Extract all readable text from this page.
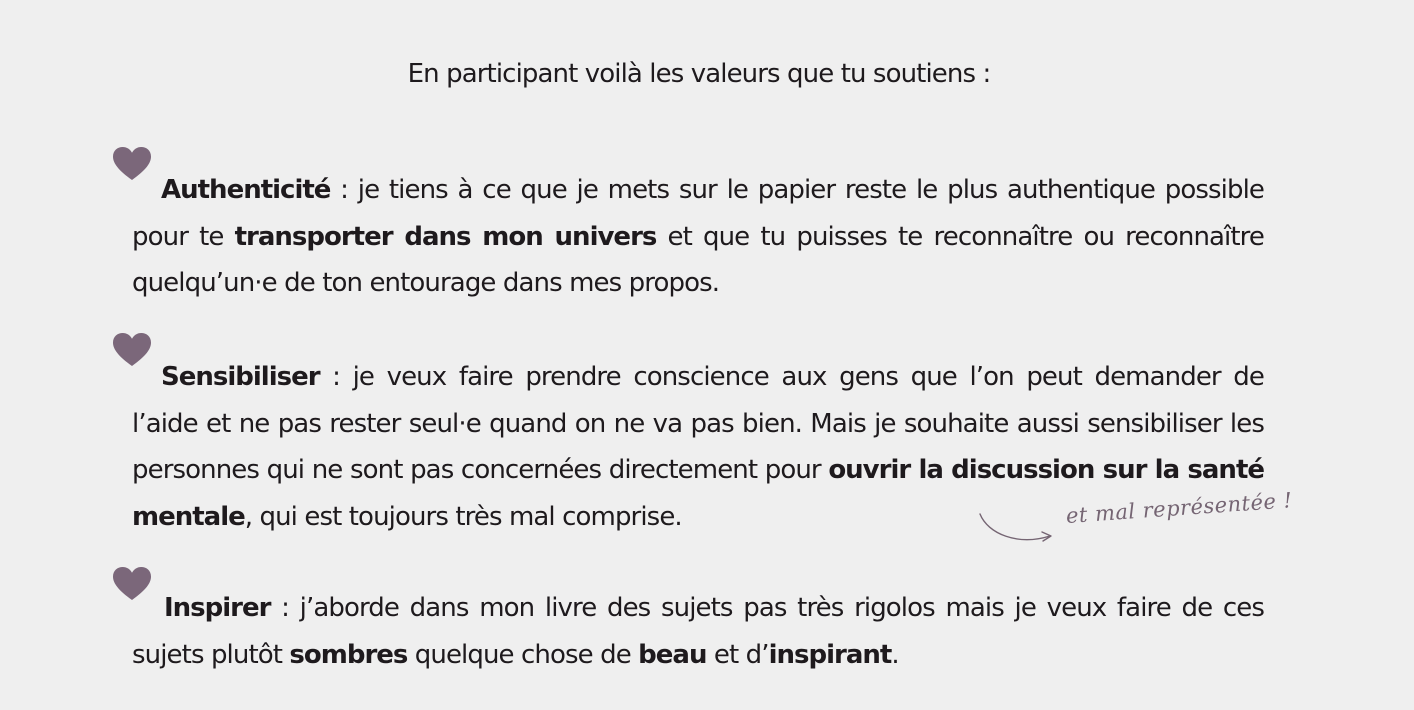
En participant voilà les valeurs que tu soutiens :

Authenticité : je tiens à ce que je mets sur le papier reste le plus authentique possible pour te transporter dans mon univers et que tu puisses te reconnaître ou reconnaître quelqu’un·e de ton entourage dans mes propos.

Sensibiliser : je veux faire prendre conscience aux gens que l’on peut demander de l’aide et ne pas rester seul·e quand on ne va pas bien. Mais je souhaite aussi sensibiliser les personnes qui ne sont pas concernées directement pour ouvrir la discussion sur la santé mentale, qui est toujours très mal comprise.	et mal représentée !

Inspirer : j’aborde dans mon livre des sujets pas très rigolos mais je veux faire de ces sujets plutôt sombres quelque chose de beau et d’inspirant.
